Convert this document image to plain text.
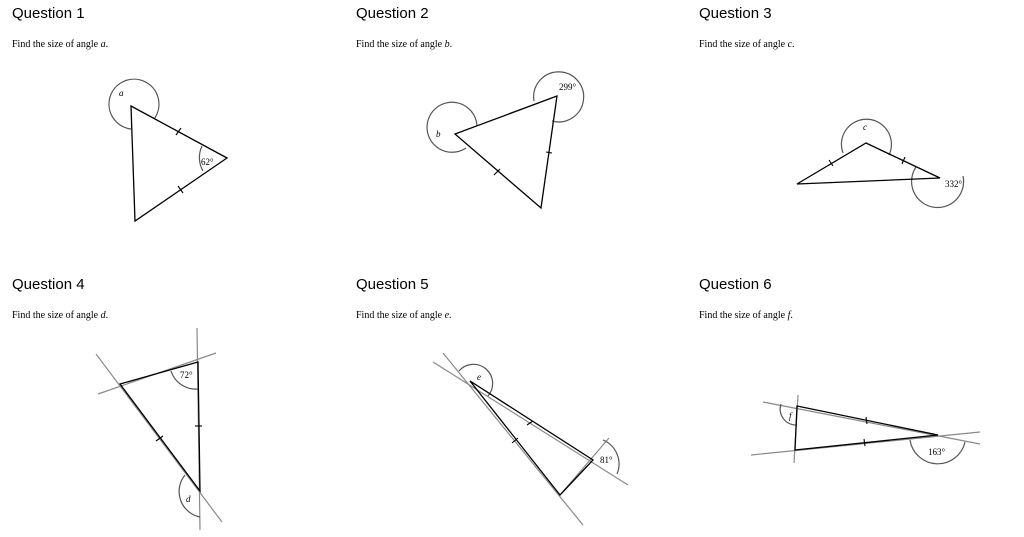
Question 1
Find the size of angle a.
a
62°
Question 2
Find the size of angle b.
b
299°
Question 3
Find the size of angle c.
c
332°
Question 4
Find the size of angle d.
72°
d
Question 5
Find the size of angle e.
e
81°
Question 6
Find the size of angle f.
f
163°
